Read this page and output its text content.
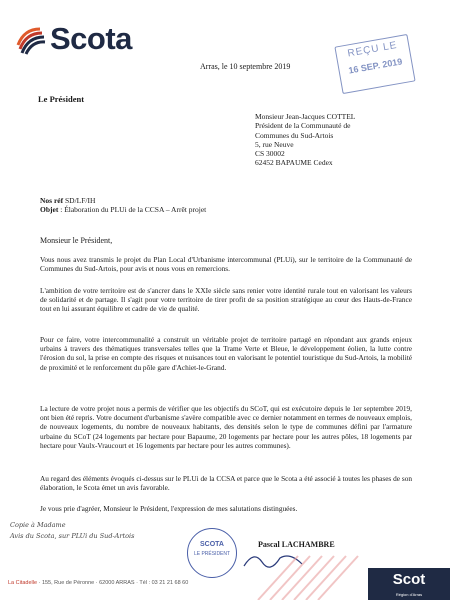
Scota
Arras, le 10 septembre 2019
REÇU LE
16 SEP. 2019
Le Président
Monsieur Jean-Jacques COTTEL
Président de la Communauté de
Communes du Sud-Artois
5, rue Neuve
CS 30002
62452 BAPAUME Cedex
Nos réf SD/LF/IH
Objet : Élaboration du PLUi de la CCSA – Arrêt projet
Monsieur le Président,
Vous nous avez transmis le projet du Plan Local d'Urbanisme intercommunal (PLUi), sur le territoire de la Communauté de Communes du Sud-Artois, pour avis et nous vous en remercions.
L'ambition de votre territoire est de s'ancrer dans le XXIe siècle sans renier votre identité rurale tout en valorisant les valeurs de solidarité et de partage. Il s'agit pour votre territoire de tirer profit de sa position stratégique au cœur des Hauts-de-France tout en lui assurant équilibre et cadre de vie de qualité.
Pour ce faire, votre intercommunalité a construit un véritable projet de territoire partagé en répondant aux grands enjeux urbains à travers des thématiques transversales telles que la Trame Verte et Bleue, le développement éolien, la lutte contre l'érosion du sol, la prise en compte des risques et nuisances tout en valorisant le potentiel touristique du Sud-Artois, la mobilité de proximité et le renforcement du pôle gare d'Achiet-le-Grand.
La lecture de votre projet nous a permis de vérifier que les objectifs du SCoT, qui est exécutoire depuis le 1er septembre 2019, ont bien été repris. Votre document d'urbanisme s'avère compatible avec ce dernier notamment en termes de nouveaux emplois, de nouveaux logements, du nombre de nouveaux habitants, des densités selon le type de communes défini par l'armature urbaine du SCoT (24 logements par hectare pour Bapaume, 20 logements par hectare pour les autres pôles, 18 logements par hectare pour Vaulx-Vraucourt et 16 logements par hectare pour les autres communes).
Au regard des éléments évoqués ci-dessus sur le PLUi de la CCSA et parce que le Scota a été associé à toutes les phases de son élaboration, le Scota émet un avis favorable.
Je vous prie d'agréer, Monsieur le Président, l'expression de mes salutations distinguées.
Copie à Madame
Avis du Scota, sur PLUi du Sud-Artois
SCOTA
LE PRÉSIDENT
Pascal LACHAMBRE
La Citadelle · 155, Rue de Péronne · 62000 ARRAS · Tél : 03 21 21 68 60	Scot
Région d'Arras
